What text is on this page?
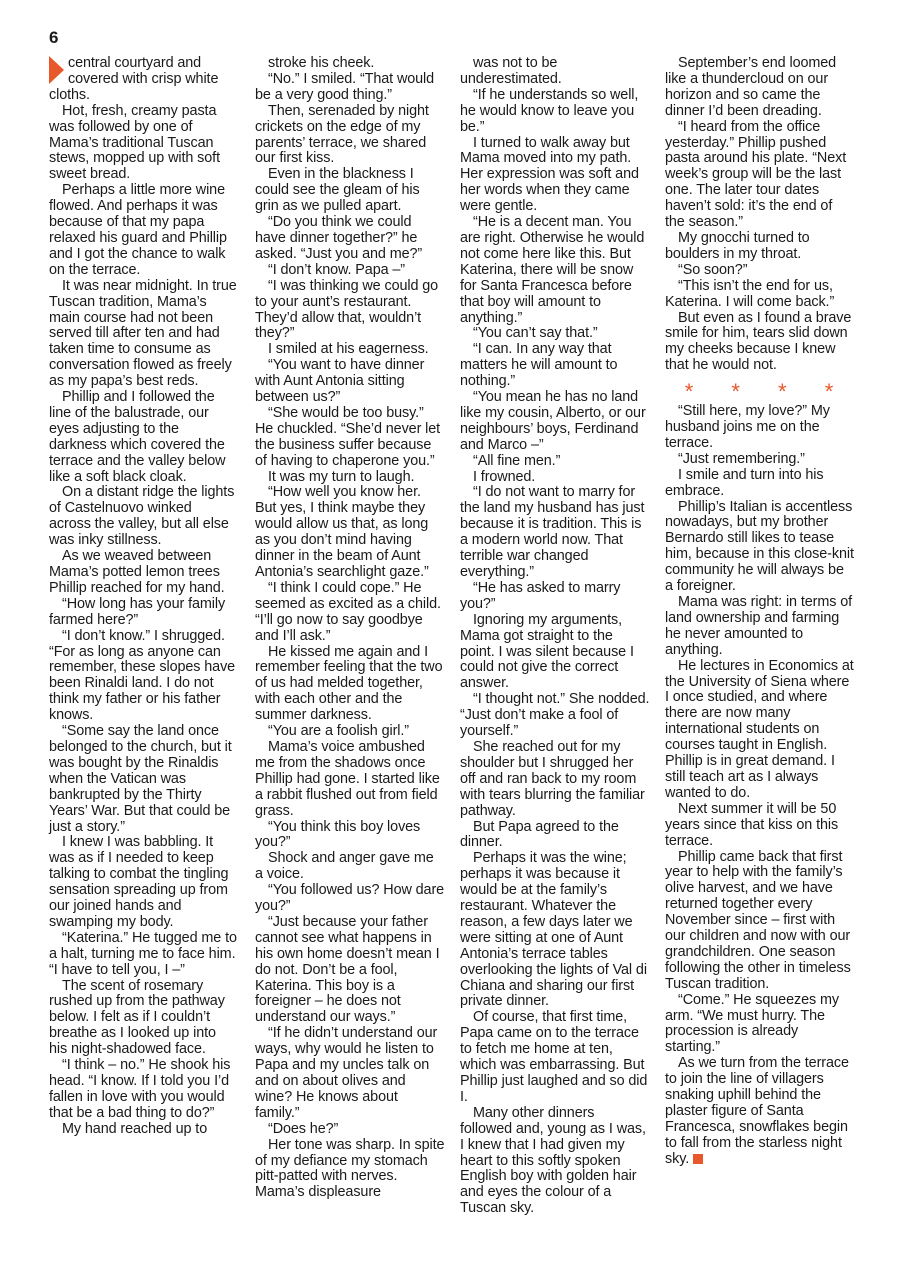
6

central courtyard and covered with crisp white cloths.

Hot, fresh, creamy pasta was followed by one of Mama’s traditional Tuscan stews, mopped up with soft sweet bread.

Perhaps a little more wine flowed. And perhaps it was because of that my papa relaxed his guard and Phillip and I got the chance to walk on the terrace.

It was near midnight. In true Tuscan tradition, Mama’s main course had not been served till after ten and had taken time to consume as conversation flowed as freely as my papa’s best reds.

Phillip and I followed the line of the balustrade, our eyes adjusting to the darkness which covered the terrace and the valley below like a soft black cloak.

On a distant ridge the lights of Castelnuovo winked across the valley, but all else was inky stillness.

As we weaved between Mama’s potted lemon trees Phillip reached for my hand.

“How long has your family farmed here?”

“I don’t know.” I shrugged. “For as long as anyone can remember, these slopes have been Rinaldi land. I do not think my father or his father knows.

“Some say the land once belonged to the church, but it was bought by the Rinaldis when the Vatican was bankrupted by the Thirty Years’ War. But that could be just a story.”

I knew I was babbling. It was as if I needed to keep talking to combat the tingling sensation spreading up from our joined hands and swamping my body.

“Katerina.” He tugged me to a halt, turning me to face him. “I have to tell you, I –”

The scent of rosemary rushed up from the pathway below. I felt as if I couldn’t breathe as I looked up into his night-shadowed face.

“I think – no.” He shook his head. “I know. If I told you I’d fallen in love with you would that be a bad thing to do?”

My hand reached up to

stroke his cheek.

“No.” I smiled. “That would be a very good thing.”

Then, serenaded by night crickets on the edge of my parents’ terrace, we shared our first kiss.

Even in the blackness I could see the gleam of his grin as we pulled apart.

“Do you think we could have dinner together?” he asked. “Just you and me?”

“I don’t know. Papa –”

“I was thinking we could go to your aunt’s restaurant. They’d allow that, wouldn’t they?”

I smiled at his eagerness.

“You want to have dinner with Aunt Antonia sitting between us?”

“She would be too busy.” He chuckled. “She’d never let the business suffer because of having to chaperone you.”

It was my turn to laugh.

“How well you know her. But yes, I think maybe they would allow us that, as long as you don’t mind having dinner in the beam of Aunt Antonia’s searchlight gaze.”

“I think I could cope.” He seemed as excited as a child. “I’ll go now to say goodbye and I’ll ask.”

He kissed me again and I remember feeling that the two of us had melded together, with each other and the summer darkness.

“You are a foolish girl.”

Mama’s voice ambushed me from the shadows once Phillip had gone. I started like a rabbit flushed out from field grass.

“You think this boy loves you?”

Shock and anger gave me a voice.

“You followed us? How dare you?”

“Just because your father cannot see what happens in his own home doesn’t mean I do not. Don’t be a fool, Katerina. This boy is a foreigner – he does not understand our ways.”

“If he didn’t understand our ways, why would he listen to Papa and my uncles talk on and on about olives and wine? He knows about family.”

“Does he?”

Her tone was sharp. In spite of my defiance my stomach pitt-patted with nerves. Mama’s displeasure

was not to be underestimated.

“If he understands so well, he would know to leave you be.”

I turned to walk away but Mama moved into my path. Her expression was soft and her words when they came were gentle.

“He is a decent man. You are right. Otherwise he would not come here like this. But Katerina, there will be snow for Santa Francesca before that boy will amount to anything.”

“You can’t say that.”

“I can. In any way that matters he will amount to nothing.”

“You mean he has no land like my cousin, Alberto, or our neighbours’ boys, Ferdinand and Marco –”

“All fine men.”

I frowned.

“I do not want to marry for the land my husband has just because it is tradition. This is a modern world now. That terrible war changed everything.”

“He has asked to marry you?”

Ignoring my arguments, Mama got straight to the point. I was silent because I could not give the correct answer.

“I thought not.” She nodded. “Just don’t make a fool of yourself.”

She reached out for my shoulder but I shrugged her off and ran back to my room with tears blurring the familiar pathway.

But Papa agreed to the dinner.

Perhaps it was the wine; perhaps it was because it would be at the family’s restaurant. Whatever the reason, a few days later we were sitting at one of Aunt Antonia’s terrace tables overlooking the lights of Val di Chiana and sharing our first private dinner.

Of course, that first time, Papa came on to the terrace to fetch me home at ten, which was embarrassing. But Phillip just laughed and so did I.

Many other dinners followed and, young as I was, I knew that I had given my heart to this softly spoken English boy with golden hair and eyes the colour of a Tuscan sky.

September’s end loomed like a thundercloud on our horizon and so came the dinner I’d been dreading.

“I heard from the office yesterday.” Phillip pushed pasta around his plate. “Next week’s group will be the last one. The later tour dates haven’t sold: it’s the end of the season.”

My gnocchi turned to boulders in my throat.

“So soon?”

“This isn’t the end for us, Katerina. I will come back.”

But even as I found a brave smile for him, tears slid down my cheeks because I knew that he would not.

* * * *

“Still here, my love?” My husband joins me on the terrace.

“Just remembering.”

I smile and turn into his embrace.

Phillip’s Italian is accentless nowadays, but my brother Bernardo still likes to tease him, because in this close-knit community he will always be a foreigner.

Mama was right: in terms of land ownership and farming he never amounted to anything.

He lectures in Economics at the University of Siena where I once studied, and where there are now many international students on courses taught in English. Phillip is in great demand. I still teach art as I always wanted to do.

Next summer it will be 50 years since that kiss on this terrace.

Phillip came back that first year to help with the family’s olive harvest, and we have returned together every November since – first with our children and now with our grandchildren. One season following the other in timeless Tuscan tradition.

“Come.” He squeezes my arm. “We must hurry. The procession is already starting.”

As we turn from the terrace to join the line of villagers snaking uphill behind the plaster figure of Santa Francesca, snowflakes begin to fall from the starless night sky.
